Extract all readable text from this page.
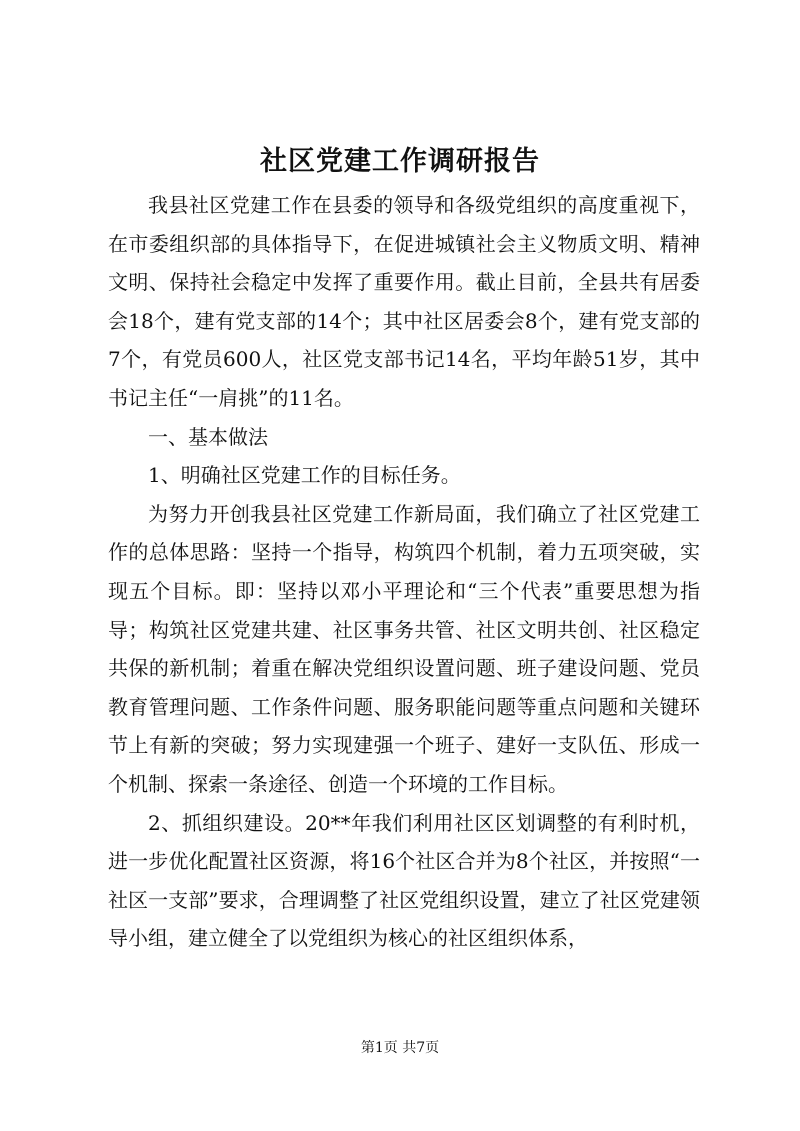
社区党建工作调研报告

我县社区党建工作在县委的领导和各级党组织的高度重视下，在市委组织部的具体指导下，在促进城镇社会主义物质文明、精神文明、保持社会稳定中发挥了重要作用。截止目前，全县共有居委会18个，建有党支部的14个；其中社区居委会8个，建有党支部的7个，有党员600人，社区党支部书记14名，平均年龄51岁，其中书记主任“一肩挑”的11名。

一、基本做法

1、明确社区党建工作的目标任务。

为努力开创我县社区党建工作新局面，我们确立了社区党建工作的总体思路：坚持一个指导，构筑四个机制，着力五项突破，实现五个目标。即：坚持以邓小平理论和“三个代表”重要思想为指导；构筑社区党建共建、社区事务共管、社区文明共创、社区稳定共保的新机制；着重在解决党组织设置问题、班子建设问题、党员教育管理问题、工作条件问题、服务职能问题等重点问题和关键环节上有新的突破；努力实现建强一个班子、建好一支队伍、形成一个机制、探索一条途径、创造一个环境的工作目标。

2、抓组织建设。20**年我们利用社区区划调整的有利时机，进一步优化配置社区资源，将16个社区合并为8个社区，并按照“一社区一支部”要求，合理调整了社区党组织设置，建立了社区党建领导小组，建立健全了以党组织为核心的社区组织体系，

第1页 共7页
